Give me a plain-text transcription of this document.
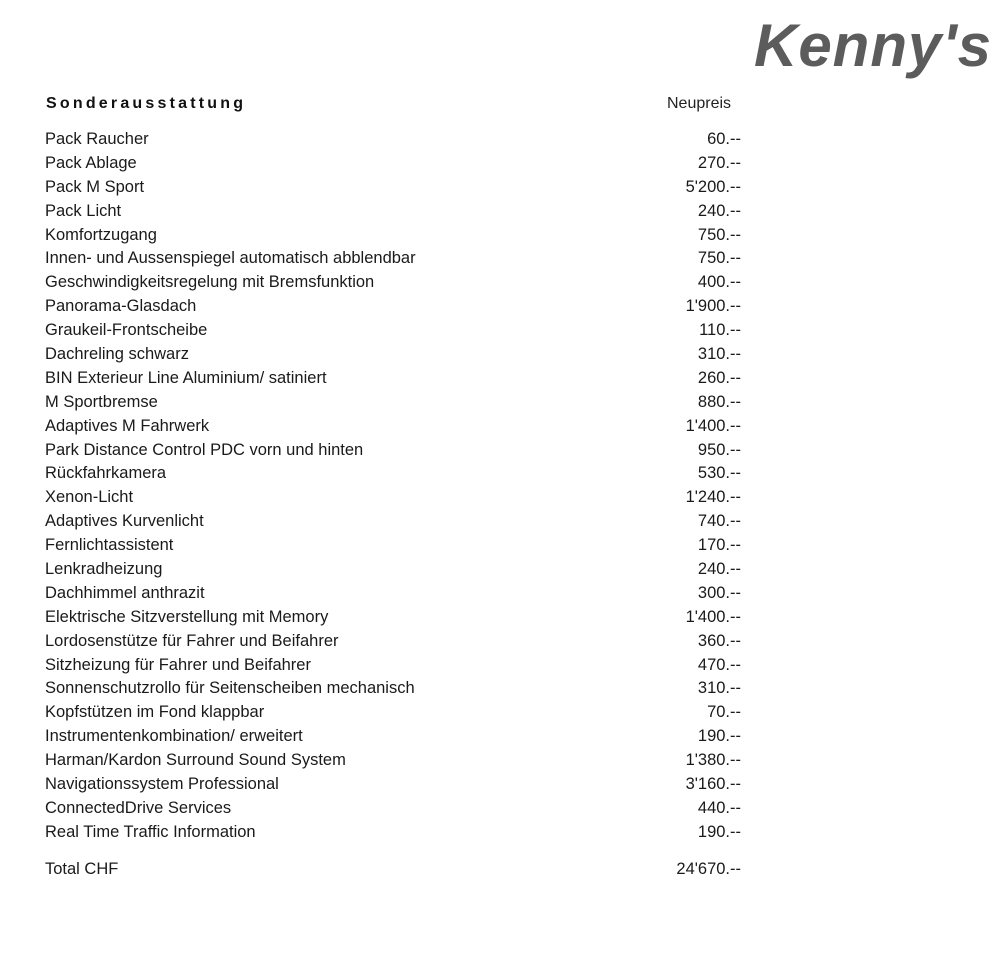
Kenny's
Sonderausstattung	Neupreis
Pack Raucher	60.--
Pack Ablage	270.--
Pack M Sport	5'200.--
Pack Licht	240.--
Komfortzugang	750.--
Innen- und Aussenspiegel automatisch abblendbar	750.--
Geschwindigkeitsregelung mit Bremsfunktion	400.--
Panorama-Glasdach	1'900.--
Graukeil-Frontscheibe	110.--
Dachreling schwarz	310.--
BIN Exterieur Line Aluminium/ satiniert	260.--
M Sportbremse	880.--
Adaptives M Fahrwerk	1'400.--
Park Distance Control PDC vorn und hinten	950.--
Rückfahrkamera	530.--
Xenon-Licht	1'240.--
Adaptives Kurvenlicht	740.--
Fernlichtassistent	170.--
Lenkradheizung	240.--
Dachhimmel anthrazit	300.--
Elektrische Sitzverstellung mit Memory	1'400.--
Lordosenstütze für Fahrer und Beifahrer	360.--
Sitzheizung für Fahrer und Beifahrer	470.--
Sonnenschutzrollo für Seitenscheiben mechanisch	310.--
Kopfstützen im Fond klappbar	70.--
Instrumentenkombination/ erweitert	190.--
Harman/Kardon Surround Sound System	1'380.--
Navigationssystem Professional	3'160.--
ConnectedDrive Services	440.--
Real Time Traffic Information	190.--
Total CHF	24'670.--
